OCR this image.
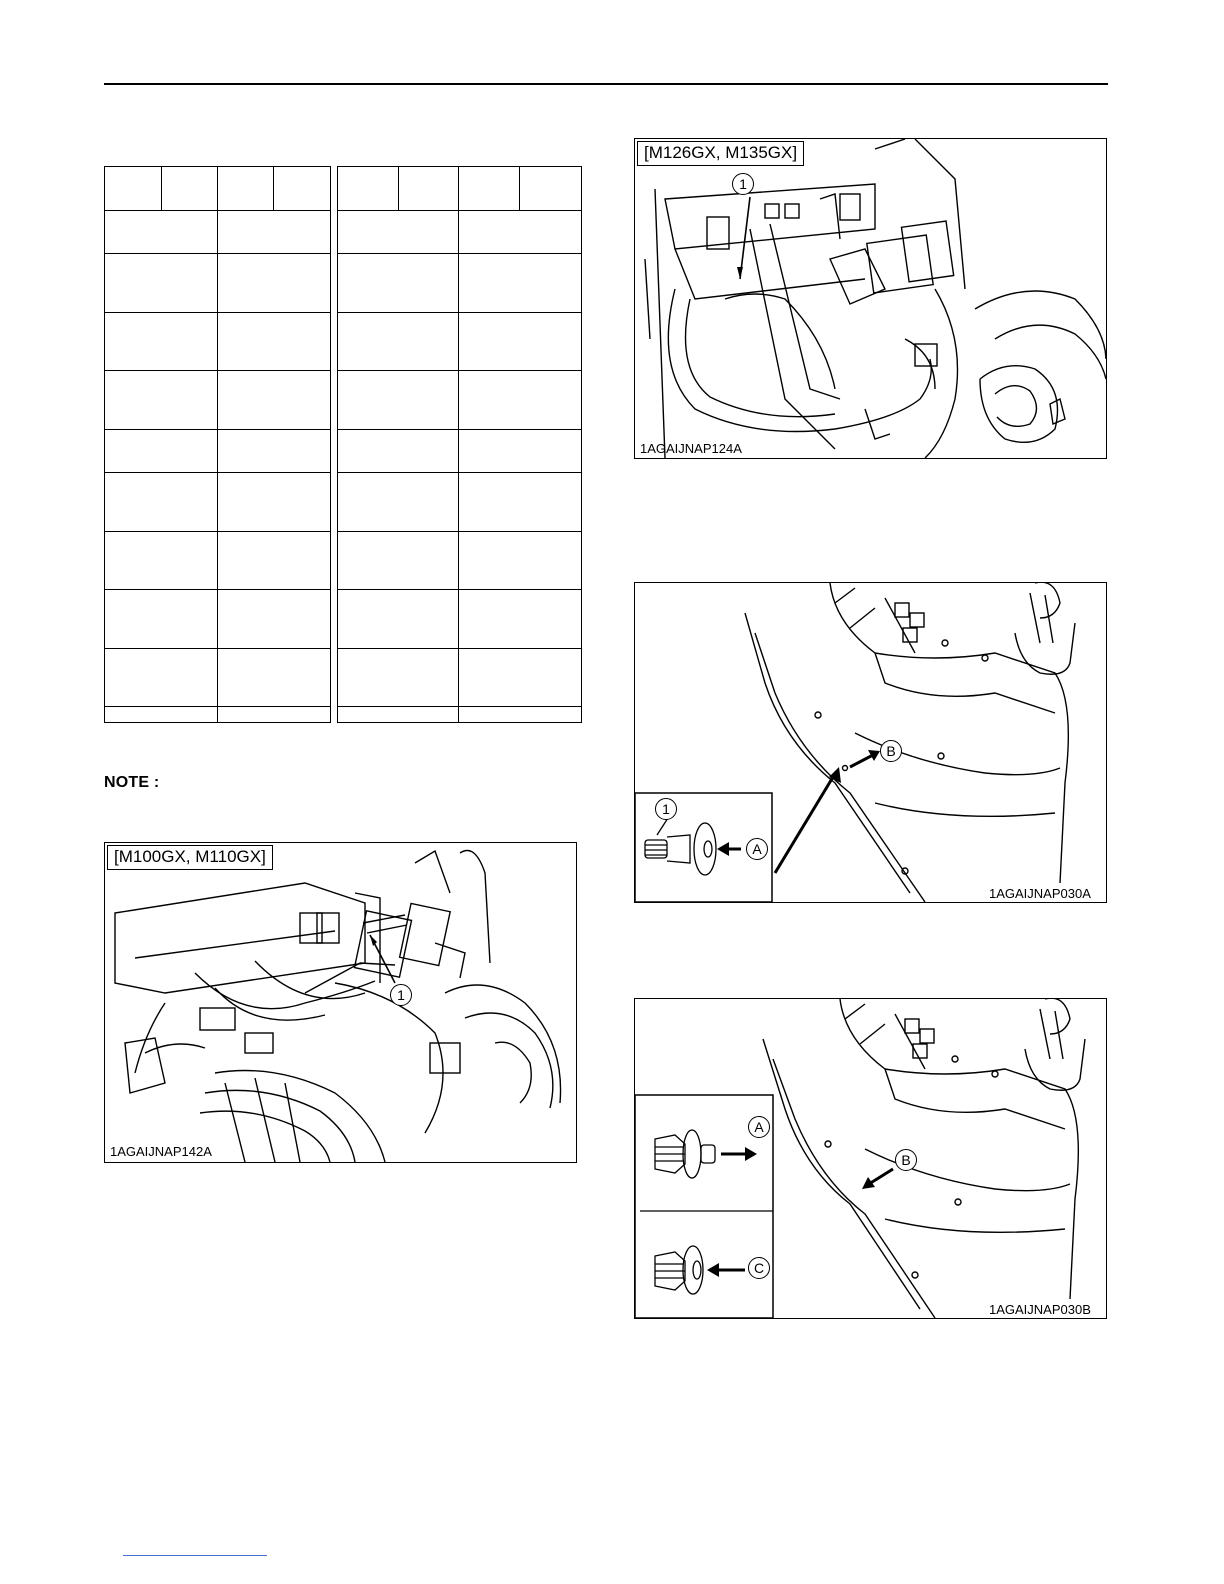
NOTE :
[M100GX, M110GX]
1
1AGAIJNAP142A
[M126GX, M135GX]
1
1AGAIJNAP124A
1
A
B
1AGAIJNAP030A
A
B
C
1AGAIJNAP030B
